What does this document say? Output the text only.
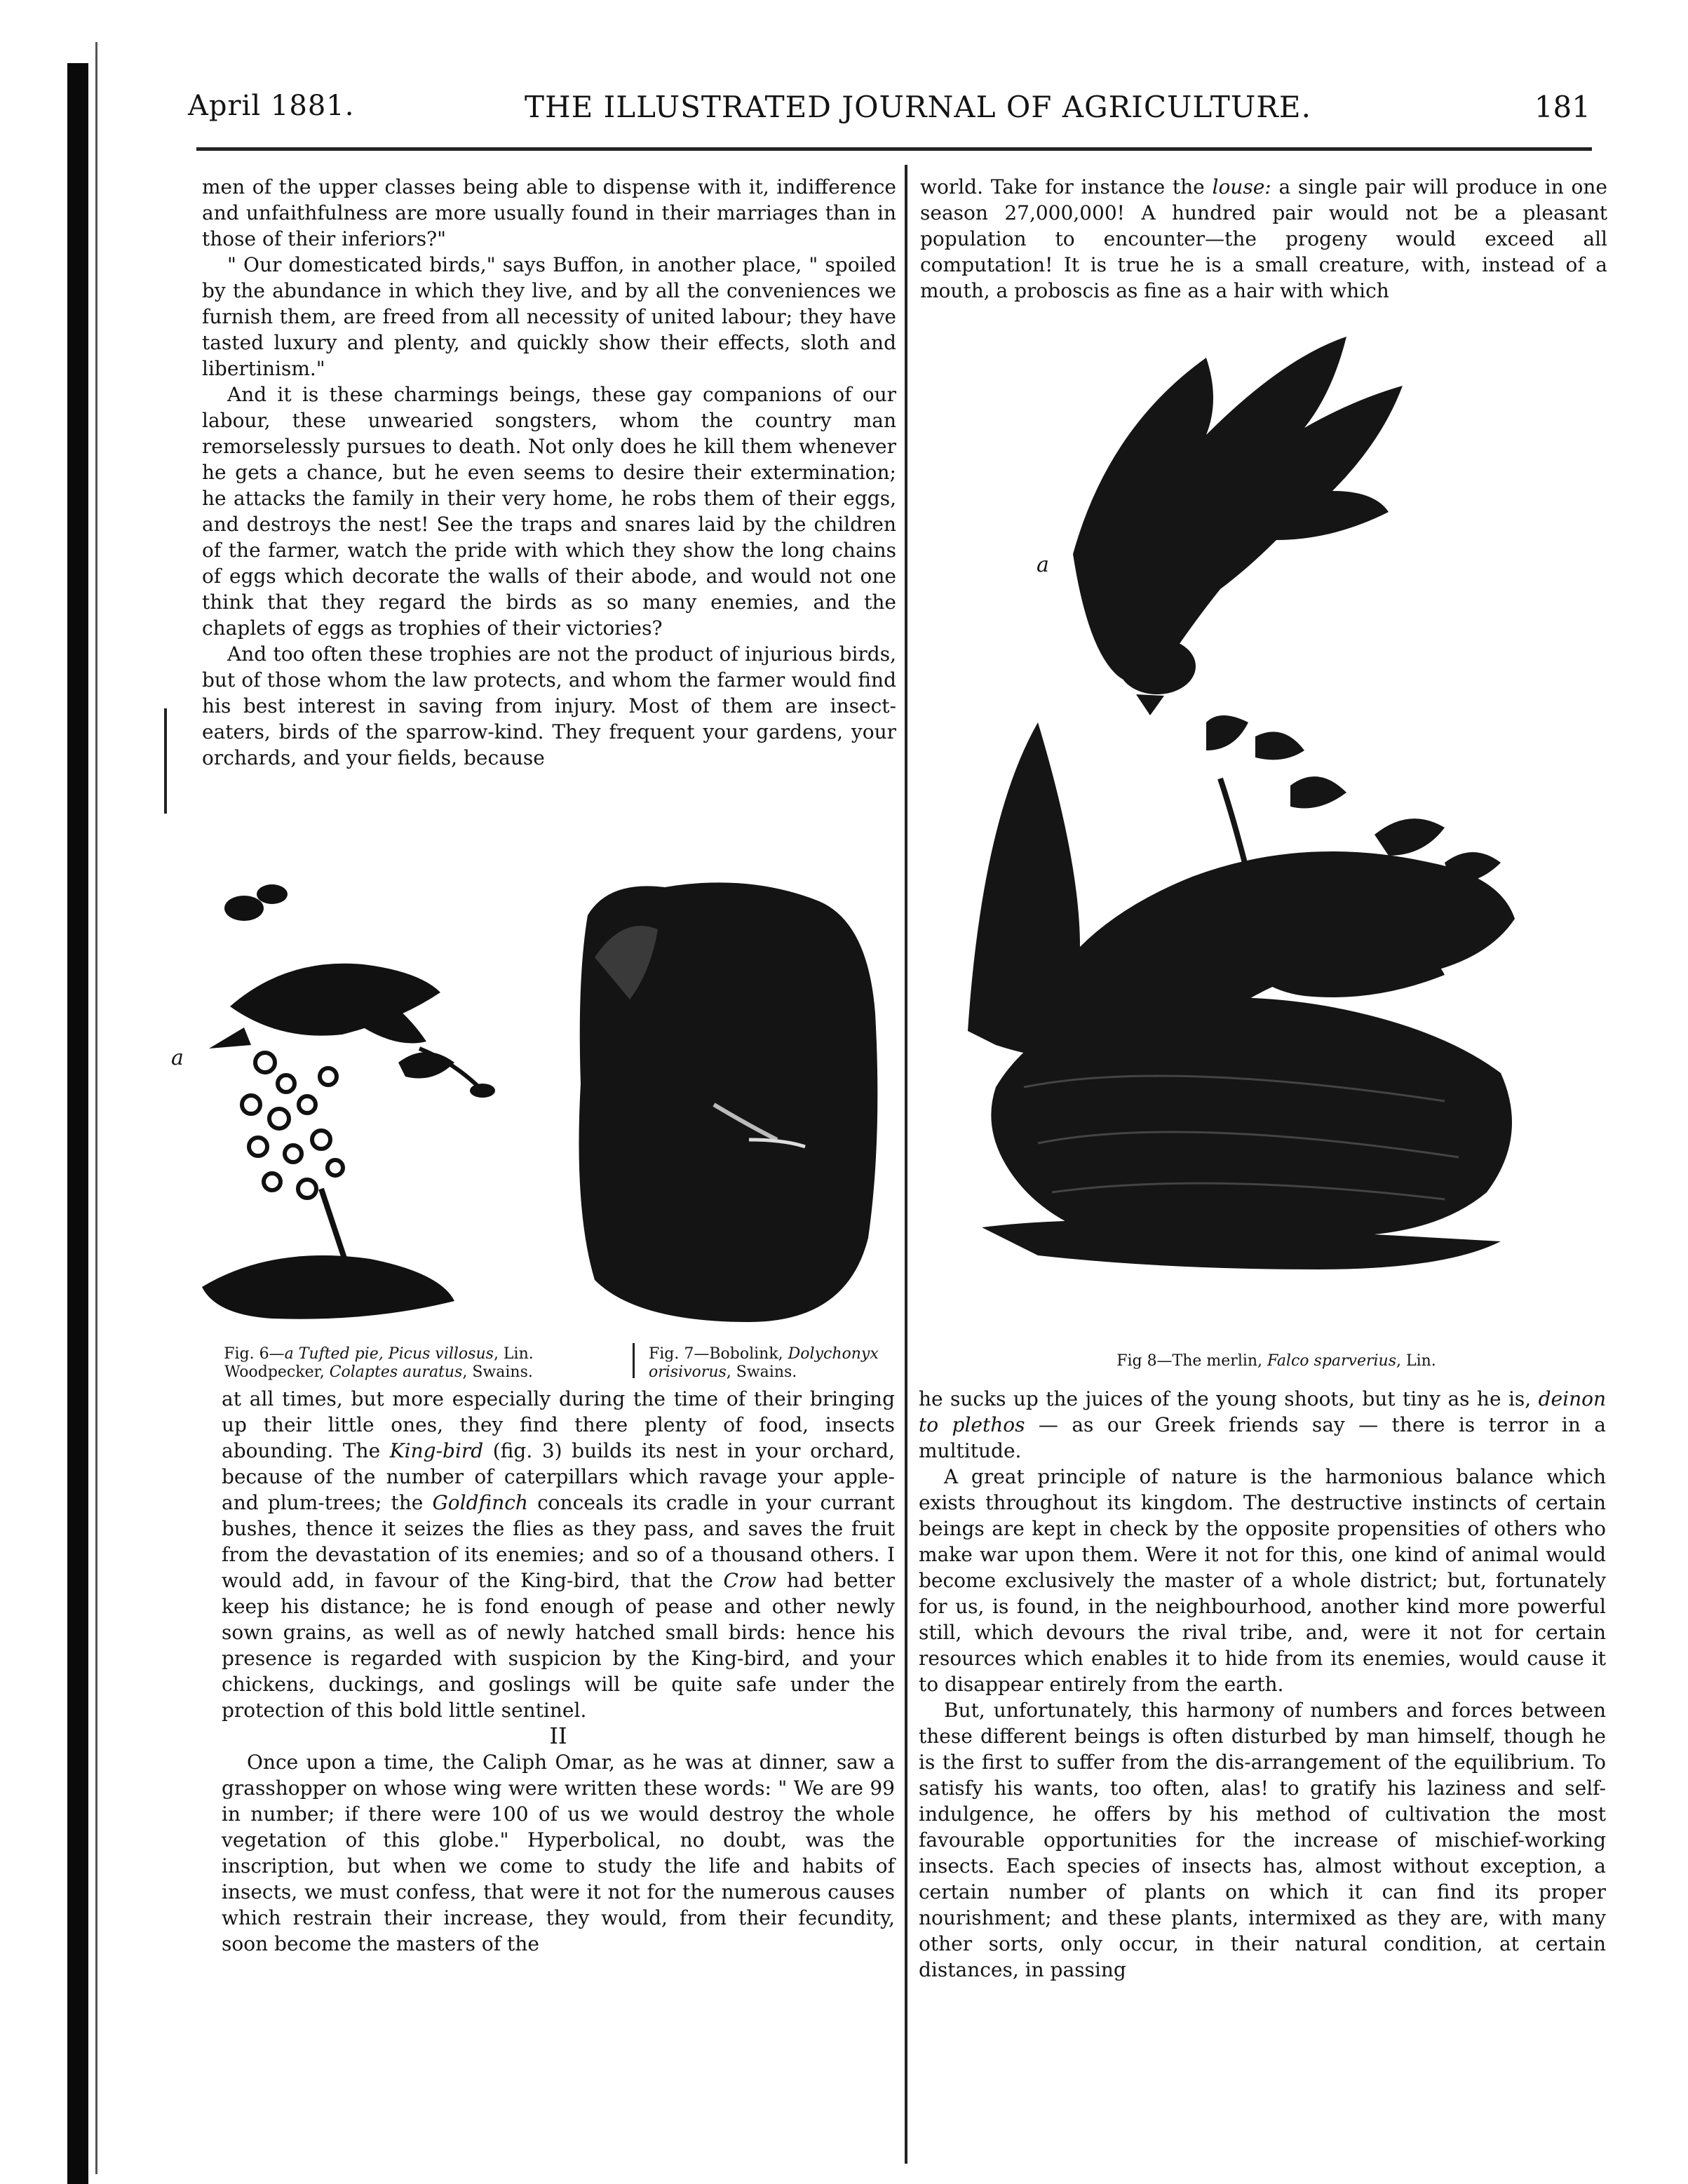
April 1881.	THE ILLUSTRATED JOURNAL OF AGRICULTURE.	181

men of the upper classes being able to dispense with it, indifference and unfaithfulness are more usually found in their marriages than in those of their inferiors?"

" Our domesticated birds," says Buffon, in another place, " spoiled by the abundance in which they live, and by all the conveniences we furnish them, are freed from all necessity of united labour; they have tasted luxury and plenty, and quickly show their effects, sloth and libertinism."

And it is these charmings beings, these gay companions of our labour, these unwearied songsters, whom the country man remorselessly pursues to death. Not only does he kill them whenever he gets a chance, but he even seems to desire their extermination; he attacks the family in their very home, he robs them of their eggs, and destroys the nest! See the traps and snares laid by the children of the farmer, watch the pride with which they show the long chains of eggs which decorate the walls of their abode, and would not one think that they regard the birds as so many enemies, and the chaplets of eggs as trophies of their victories?

And too often these trophies are not the product of injurious birds, but of those whom the law protects, and whom the farmer would find his best interest in saving from injury. Most of them are insect-eaters, birds of the sparrow-kind. They frequent your gardens, your orchards, and your fields, because

world. Take for instance the louse: a single pair will produce in one season 27,000,000! A hundred pair would not be a pleasant population to encounter—the progeny would exceed all computation! It is true he is a small creature, with, instead of a mouth, a proboscis as fine as a hair with which

a
Fig. 6—a Tufted pie, Picus villosus, Lin.
Woodpecker, Colaptes auratus, Swains.
Fig. 7—Bobolink, Dolychonyx orisivorus, Swains.
a
Fig 8—The merlin, Falco sparverius, Lin.

at all times, but more especially during the time of their bringing up their little ones, they find there plenty of food, insects abounding. The King-bird (fig. 3) builds its nest in your orchard, because of the number of caterpillars which ravage your apple- and plum-trees; the Goldfinch conceals its cradle in your currant bushes, thence it seizes the flies as they pass, and saves the fruit from the devastation of its enemies; and so of a thousand others. I would add, in favour of the King-bird, that the Crow had better keep his distance; he is fond enough of pease and other newly sown grains, as well as of newly hatched small birds: hence his presence is regarded with suspicion by the King-bird, and your chickens, duckings, and goslings will be quite safe under the protection of this bold little sentinel.

II

Once upon a time, the Caliph Omar, as he was at dinner, saw a grasshopper on whose wing were written these words: " We are 99 in number; if there were 100 of us we would destroy the whole vegetation of this globe." Hyperbolical, no doubt, was the inscription, but when we come to study the life and habits of insects, we must confess, that were it not for the numerous causes which restrain their increase, they would, from their fecundity, soon become the masters of the

he sucks up the juices of the young shoots, but tiny as he is, deinon to plethos — as our Greek friends say — there is terror in a multitude.

A great principle of nature is the harmonious balance which exists throughout its kingdom. The destructive instincts of certain beings are kept in check by the opposite propensities of others who make war upon them. Were it not for this, one kind of animal would become exclusively the master of a whole district; but, fortunately for us, is found, in the neighbourhood, another kind more powerful still, which devours the rival tribe, and, were it not for certain resources which enables it to hide from its enemies, would cause it to disappear entirely from the earth.

But, unfortunately, this harmony of numbers and forces between these different beings is often disturbed by man himself, though he is the first to suffer from the dis-arrangement of the equilibrium. To satisfy his wants, too often, alas! to gratify his laziness and self-indulgence, he offers by his method of cultivation the most favourable opportunities for the increase of mischief-working insects. Each species of insects has, almost without exception, a certain number of plants on which it can find its proper nourishment; and these plants, intermixed as they are, with many other sorts, only occur, in their natural condition, at certain distances, in passing
